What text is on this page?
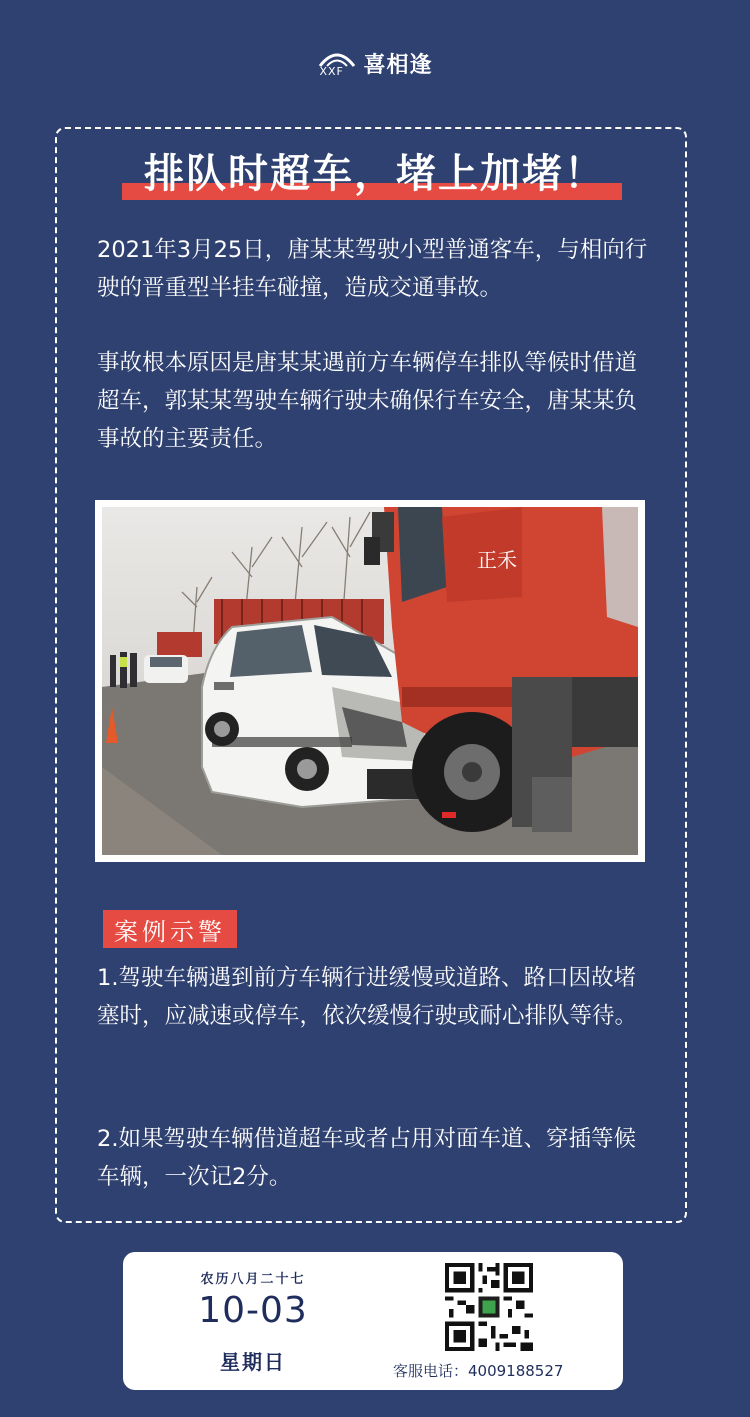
XXF 喜相逢
排队时超车，堵上加堵！

2021年3月25日，唐某某驾驶小型普通客车，与相向行驶的晋重型半挂车碰撞，造成交通事故。

事故根本原因是唐某某遇前方车辆停车排队等候时借道超车，郭某某驾驶车辆行驶未确保行车安全，唐某某负事故的主要责任。

正禾
案例示警

1.驾驶车辆遇到前方车辆行进缓慢或道路、路口因故堵塞时，应减速或停车，依次缓慢行驶或耐心排队等待。

2.如果驾驶车辆借道超车或者占用对面车道、穿插等候车辆，一次记2分。

农历八月二十七
10-03
星期日	客服电话：4009188527
